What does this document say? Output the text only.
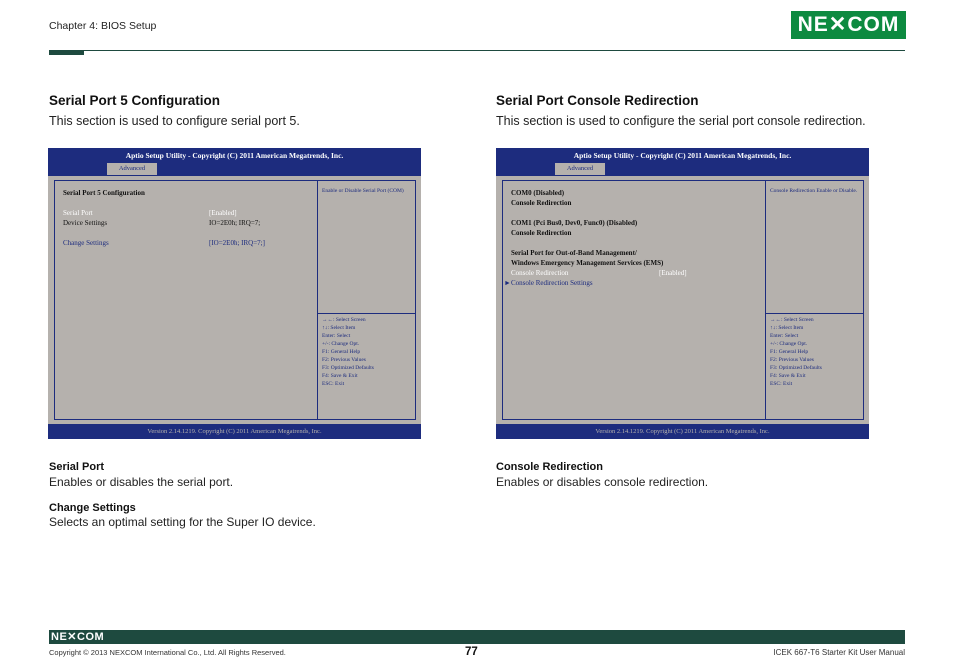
Chapter 4: BIOS Setup	NE✕COM
Serial Port 5 Configuration
This section is used to configure serial port 5.
Aptio Setup Utility - Copyright (C) 2011 American Megatrends, Inc.
Advanced
Serial Port 5 Configuration
Serial Port	[Enabled]
Device Settings	IO=2E0h; IRQ=7;
Change Settings	[IO=2E0h; IRQ=7;]
Enable or Disable Serial Port (COM)
→←: Select Screen
↑↓: Select Item
Enter: Select
+/-: Change Opt.
F1: General Help
F2: Previous Values
F3: Optimized Defaults
F4: Save & Exit
ESC: Exit
Version 2.14.1219. Copyright (C) 2011 American Megatrends, Inc.
Serial Port
Enables or disables the serial port.
Change Settings
Selects an optimal setting for the Super IO device.
Serial Port Console Redirection
This section is used to configure the serial port console redirection.
Aptio Setup Utility - Copyright (C) 2011 American Megatrends, Inc.
Advanced
COM0 (Disabled)
Console Redirection
COM1 (Pci Bus0, Dev0, Func0) (Disabled)
Console Redirection
Serial Port for Out-of-Band Management/
Windows Emergency Management Services (EMS)
Console Redirection	[Enabled]
► Console Redirection Settings
Console Redirection Enable or Disable.
→←: Select Screen
↑↓: Select Item
Enter: Select
+/-: Change Opt.
F1: General Help
F2: Previous Values
F3: Optimized Defaults
F4: Save & Exit
ESC: Exit
Version 2.14.1219. Copyright (C) 2011 American Megatrends, Inc.
Console Redirection
Enables or disables console redirection.
NE✕COM
Copyright © 2013 NEXCOM International Co., Ltd. All Rights Reserved.	77	ICEK 667-T6 Starter Kit User Manual
